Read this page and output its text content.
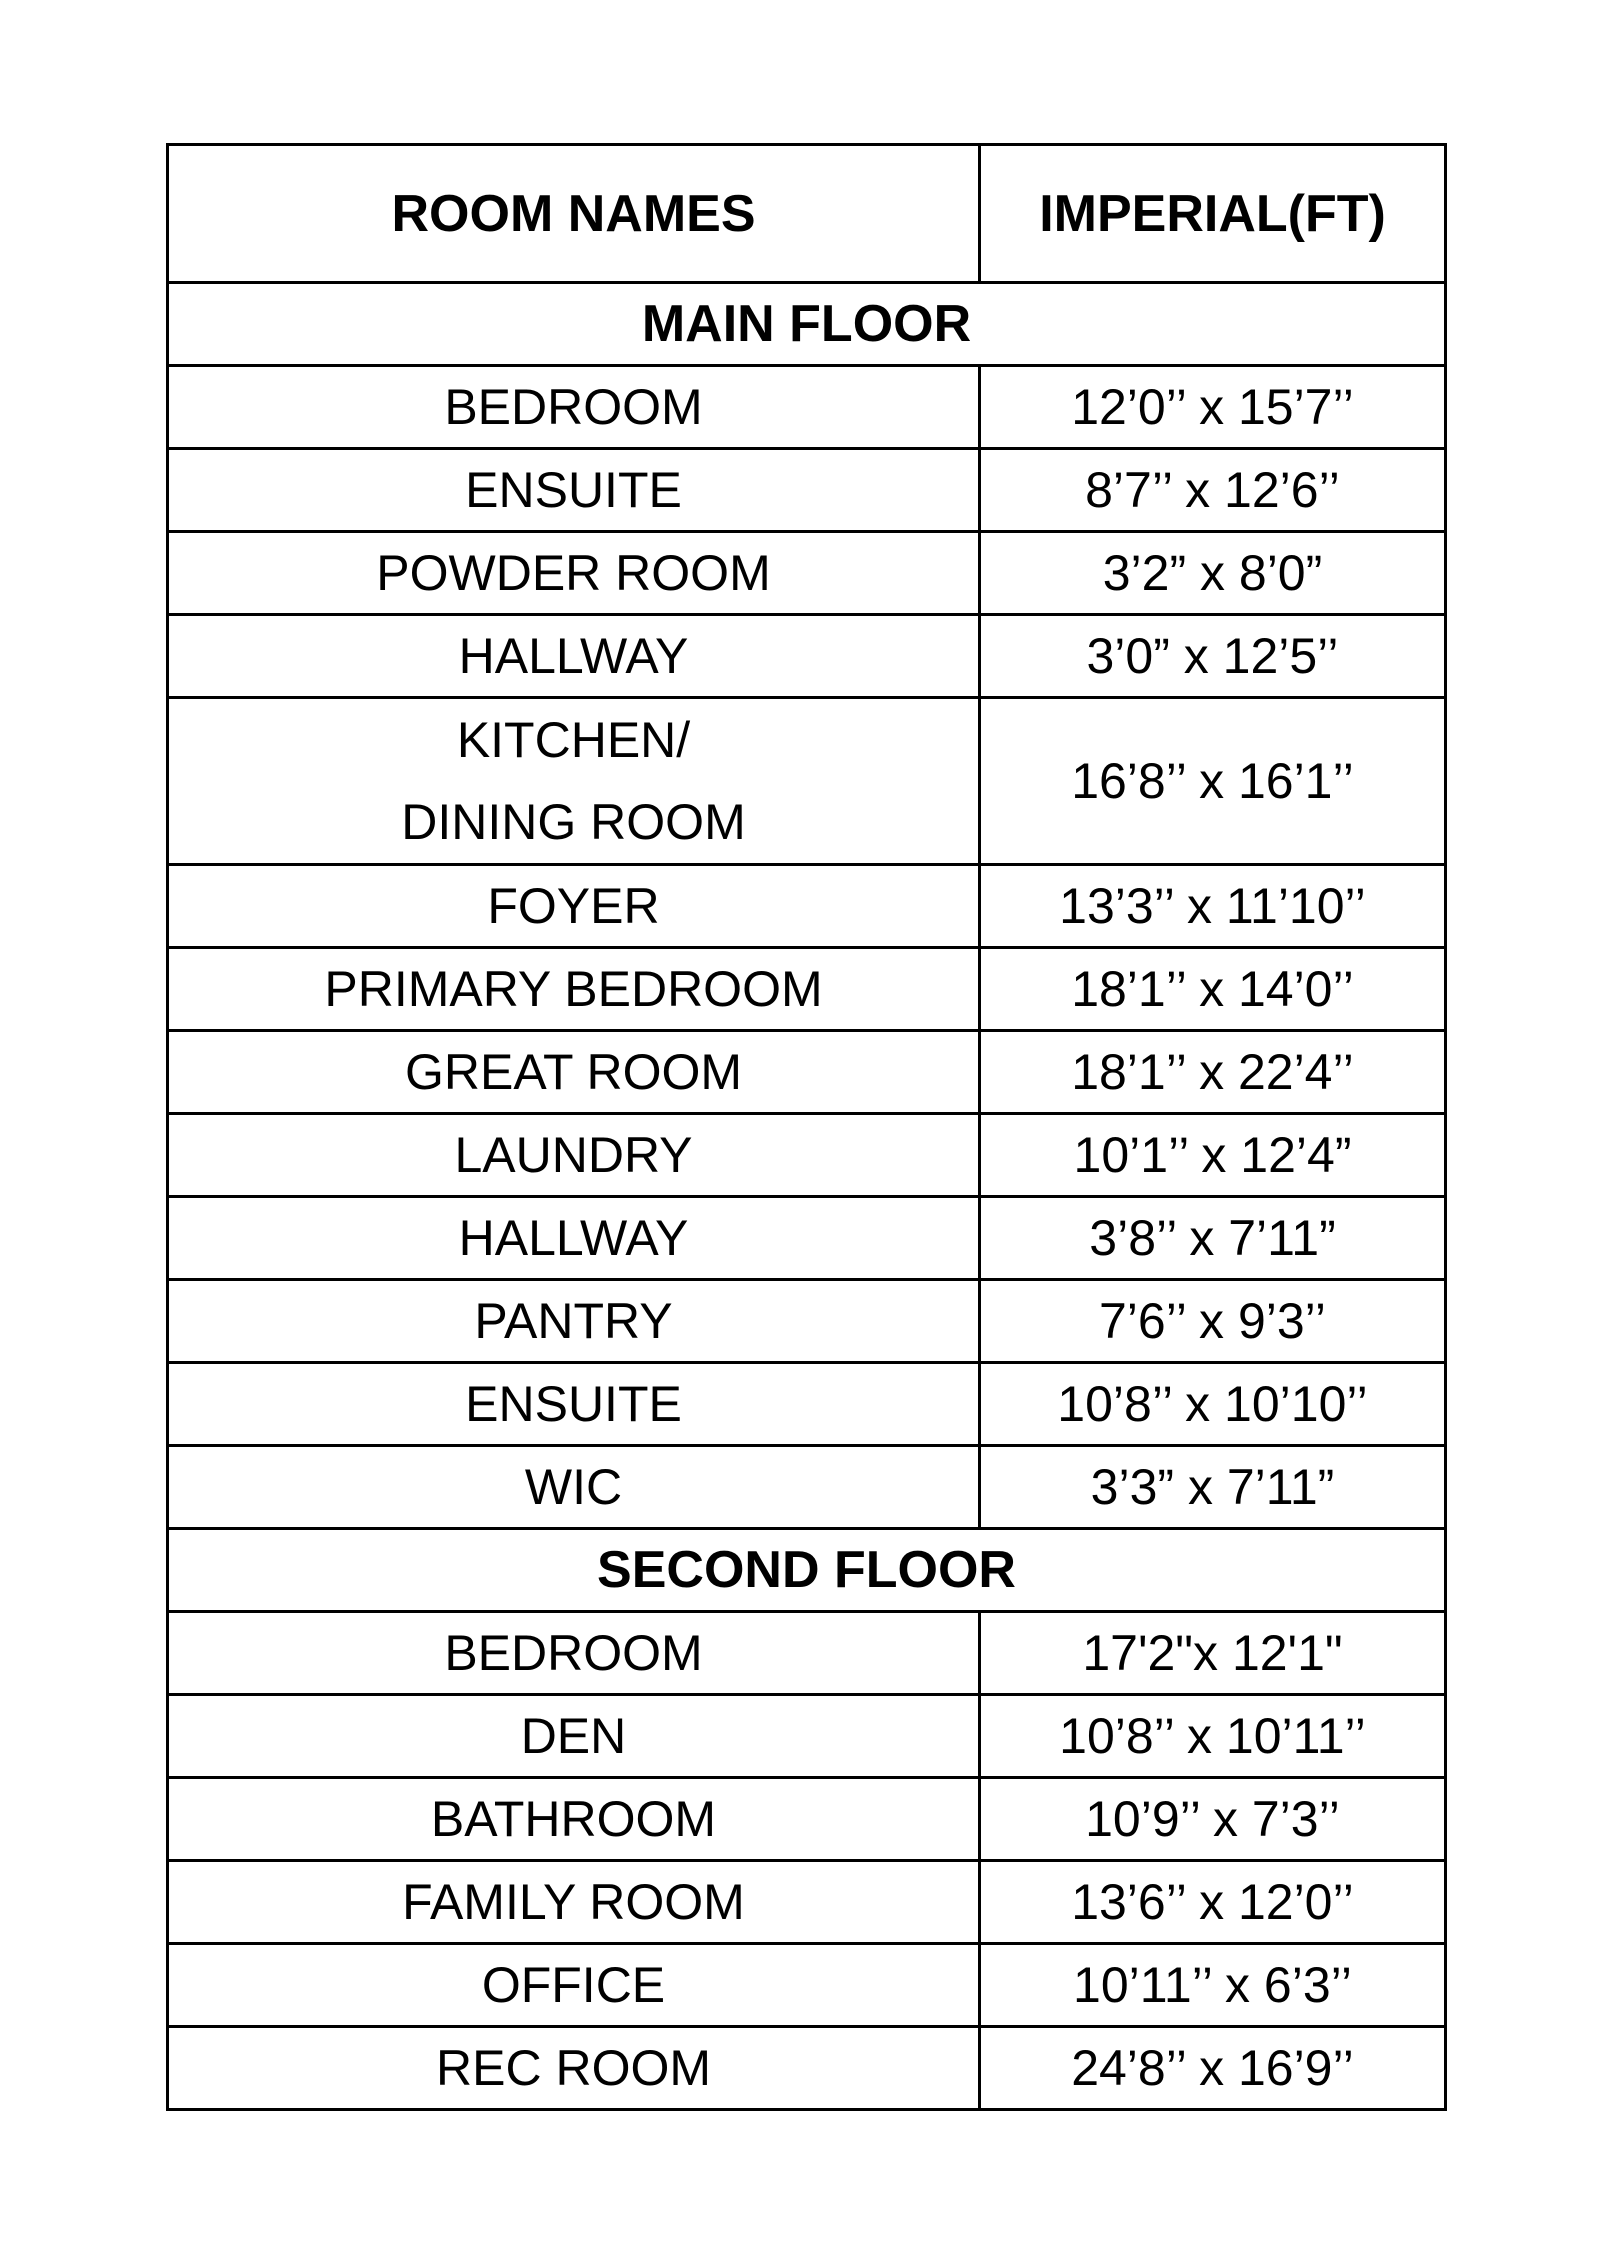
ROOM NAMES	IMPERIAL(FT)
MAIN FLOOR	
BEDROOM	12’0’’ x 15’7’’
ENSUITE	8’7’’ x 12’6’’
POWDER ROOM	3’2” x 8’0”
HALLWAY	3’0” x 12’5’’

KITCHEN/
DINING ROOM	16’8’’ x 16’1’’
FOYER	13’3’’ x 11’10’’
PRIMARY BEDROOM	18’1’’ x 14’0’’
GREAT ROOM	18’1’’ x 22’4’’
LAUNDRY	10’1’’ x 12’4”
HALLWAY	3’8’’ x 7’11”
PANTRY	7’6’’ x 9’3’’
ENSUITE	10’8’’ x 10’10’’
WIC	3’3” x 7’11”
SECOND FLOOR	
BEDROOM	17'2"x 12'1"
DEN	10’8’’ x 10’11’’
BATHROOM	10’9’’ x 7’3’’
FAMILY ROOM	13’6’’ x 12’0’’
OFFICE	10’11’’ x 6’3’’
REC ROOM	24’8’’ x 16’9’’
